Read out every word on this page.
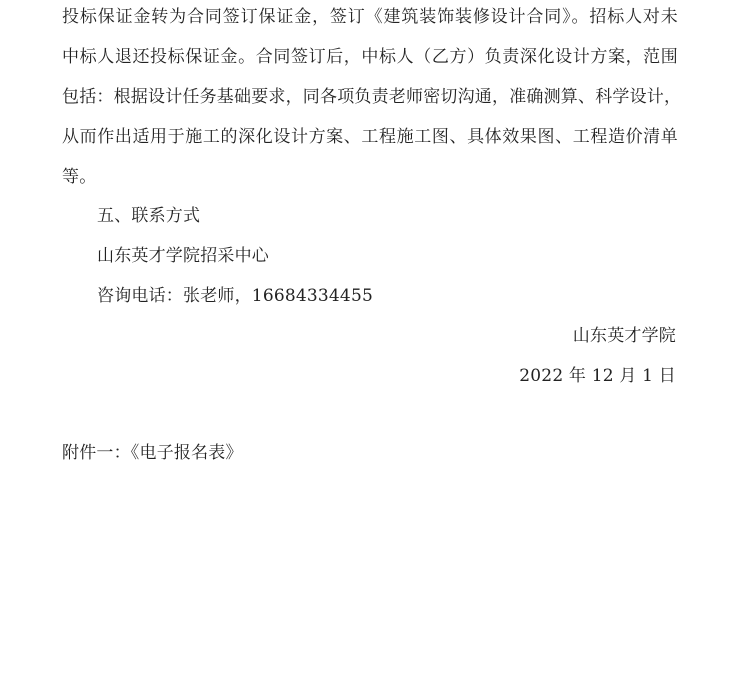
投标保证金转为合同签订保证金，签订《建筑装饰装修设计合同》。招标人对未
中标人退还投标保证金。合同签订后，中标人（乙方）负责深化设计方案，范围
包括：根据设计任务基础要求，同各项负责老师密切沟通，准确测算、科学设计，
从而作出适用于施工的深化设计方案、工程施工图、具体效果图、工程造价清单
等。
五、联系方式
山东英才学院招采中心
咨询电话：张老师，16684334455
山东英才学院
2022 年 12 月 1 日
附件一：《电子报名表》
